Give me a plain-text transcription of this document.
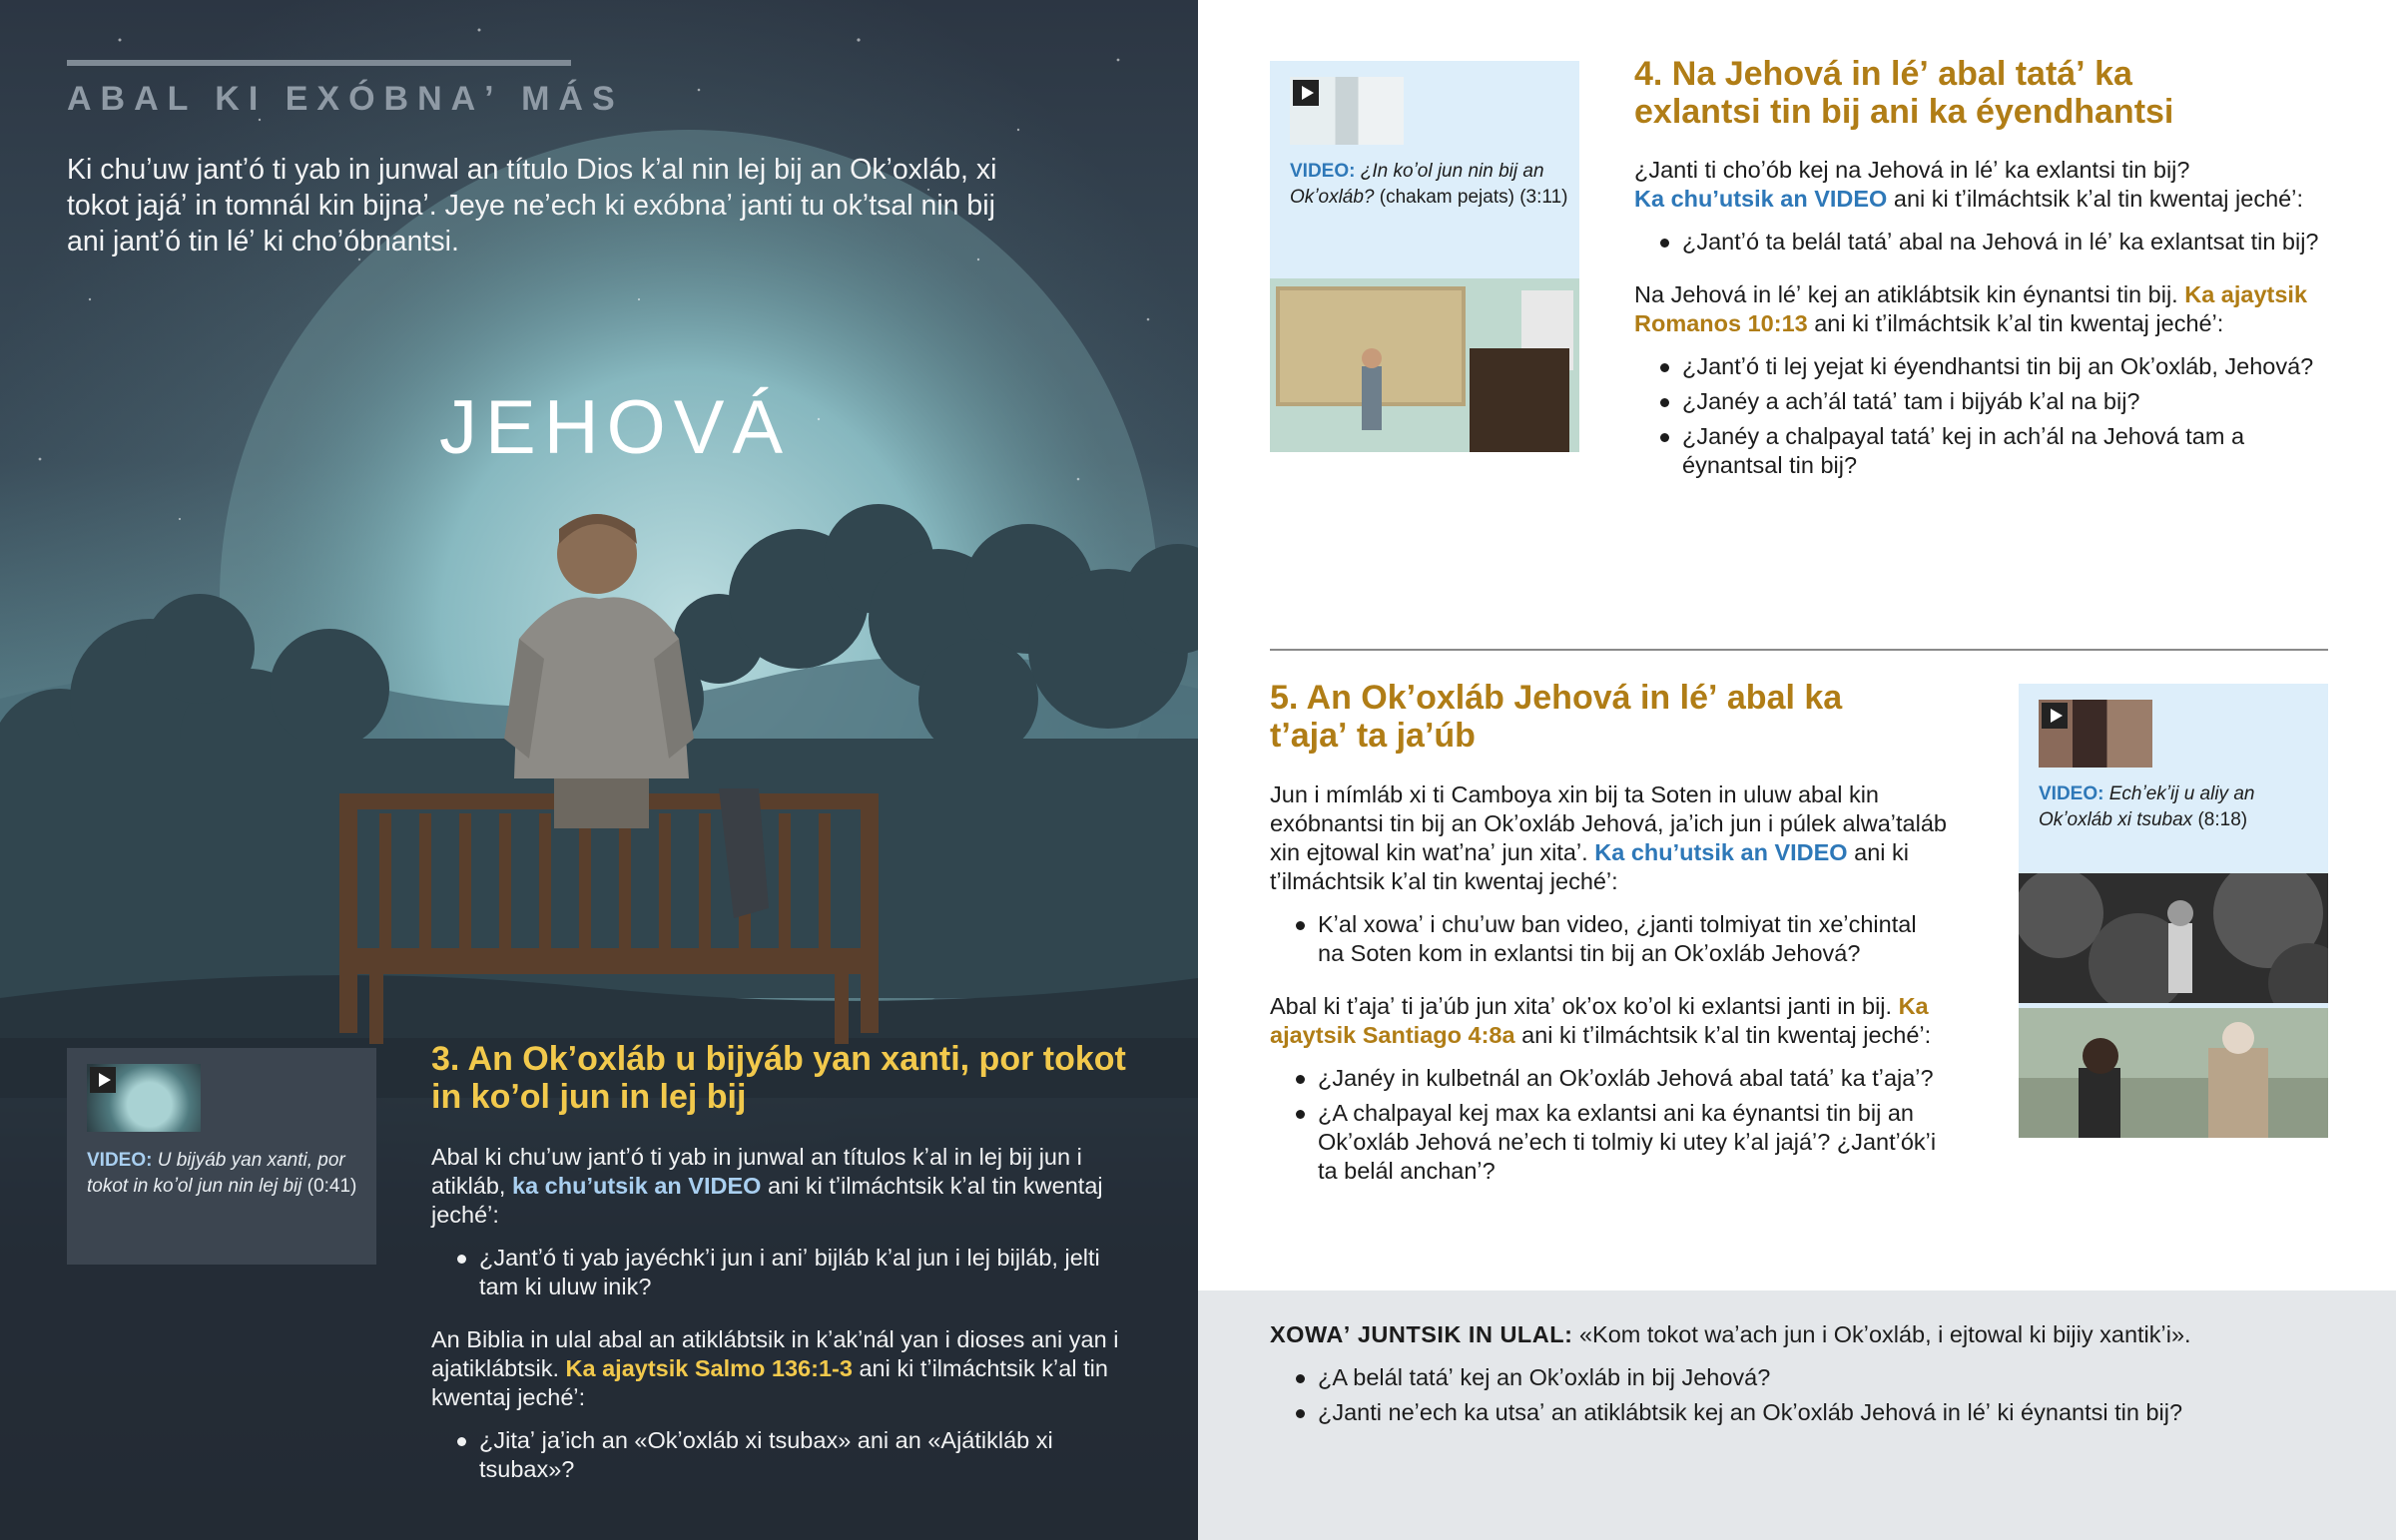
ABAL KI EXÓBNAʼ MÁS

Ki chuʼuw jantʼó ti yab in junwal an título Dios kʼal nin lej bij an Okʼoxláb, xi tokot jajáʼ in tomnál kin bijnaʼ. Jeye neʼech ki exóbnaʼ janti tu okʼtsal nin bij ani jantʼó tin léʼ ki choʼóbnantsi.

JEHOVÁ
VIDEO: U bijyáb yan xanti, por tokot in koʼol jun nin lej bij (0:41)
3. An Okʼoxláb u bijyáb yan xanti, por tokot in koʼol jun in lej bij

Abal ki chuʼuw jantʼó ti yab in junwal an títulos kʼal in lej bij jun i atikláb, ka chuʼutsik an VIDEO ani ki tʼilmáchtsik kʼal tin kwentaj jechéʼ:

¿Jantʼó ti yab jayéchkʼi jun i aniʼ bijláb kʼal jun i lej bijláb, jelti tam ki uluw inik?

An Biblia in ulal abal an atiklábtsik in kʼakʼnál yan i dioses ani yan i ajatiklábtsik. Ka ajaytsik Salmo 136:1-3 ani ki tʼilmáchtsik kʼal tin kwentaj jechéʼ:

¿Jitaʼ jaʼich an «Okʼoxláb xi tsubax» ani an «Ajátikláb xi tsubax»?
VIDEO: ¿In koʼol jun nin bij an Okʼoxláb? (chakam pejats) (3:11)
4. Na Jehová in léʼ abal tatáʼ ka exlantsi tin bij ani ka éyendhantsi

¿Janti ti choʼób kej na Jehová in léʼ ka exlantsi tin bij?
Ka chuʼutsik an VIDEO ani ki tʼilmáchtsik kʼal tin kwentaj jechéʼ:

¿Jantʼó ta belál tatáʼ abal na Jehová in léʼ ka exlantsat tin bij?

Na Jehová in léʼ kej an atiklábtsik kin éynantsi tin bij. Ka ajaytsik Romanos 10:13 ani ki tʼilmáchtsik kʼal tin kwentaj jechéʼ:

¿Jantʼó ti lej yejat ki éyendhantsi tin bij an Okʼoxláb, Jehová?
¿Janéy a achʼál tatáʼ tam i bijyáb kʼal na bij?
¿Janéy a chalpayal tatáʼ kej in achʼál na Jehová tam a éynantsal tin bij?
5. An Okʼoxláb Jehová in léʼ abal ka tʼajaʼ ta jaʼúb

Jun i mímláb xi ti Camboya xin bij ta Soten in uluw abal kin exóbnantsi tin bij an Okʼoxláb Jehová, jaʼich jun i púlek alwaʼtaláb xin ejtowal kin watʼnaʼ jun xitaʼ. Ka chuʼutsik an VIDEO ani ki tʼilmáchtsik kʼal tin kwentaj jechéʼ:

Kʼal xowaʼ i chuʼuw ban video, ¿janti tolmiyat tin xeʼchintal na Soten kom in exlantsi tin bij an Okʼoxláb Jehová?

Abal ki tʼajaʼ ti jaʼúb jun xitaʼ okʼox koʼol ki exlantsi janti in bij. Ka ajaytsik Santiago 4:8a ani ki tʼilmáchtsik kʼal tin kwentaj jechéʼ:

¿Janéy in kulbetnál an Okʼoxláb Jehová abal tatáʼ ka tʼajaʼ?
¿A chalpayal kej max ka exlantsi ani ka éynantsi tin bij an Okʼoxláb Jehová neʼech ti tolmiy ki utey kʼal jajáʼ? ¿Jantʼókʼi ta belál anchanʼ?
VIDEO: Echʼekʼij u aliy an Okʼoxláb xi tsubax (8:18)

XOWAʼ JUNTSIK IN ULAL: «Kom tokot waʼach jun i Okʼoxláb, i ejtowal ki bijiy xantikʼi».

¿A belál tatáʼ kej an Okʼoxláb in bij Jehová?
¿Janti neʼech ka utsaʼ an atiklábtsik kej an Okʼoxláb Jehová in léʼ ki éynantsi tin bij?
